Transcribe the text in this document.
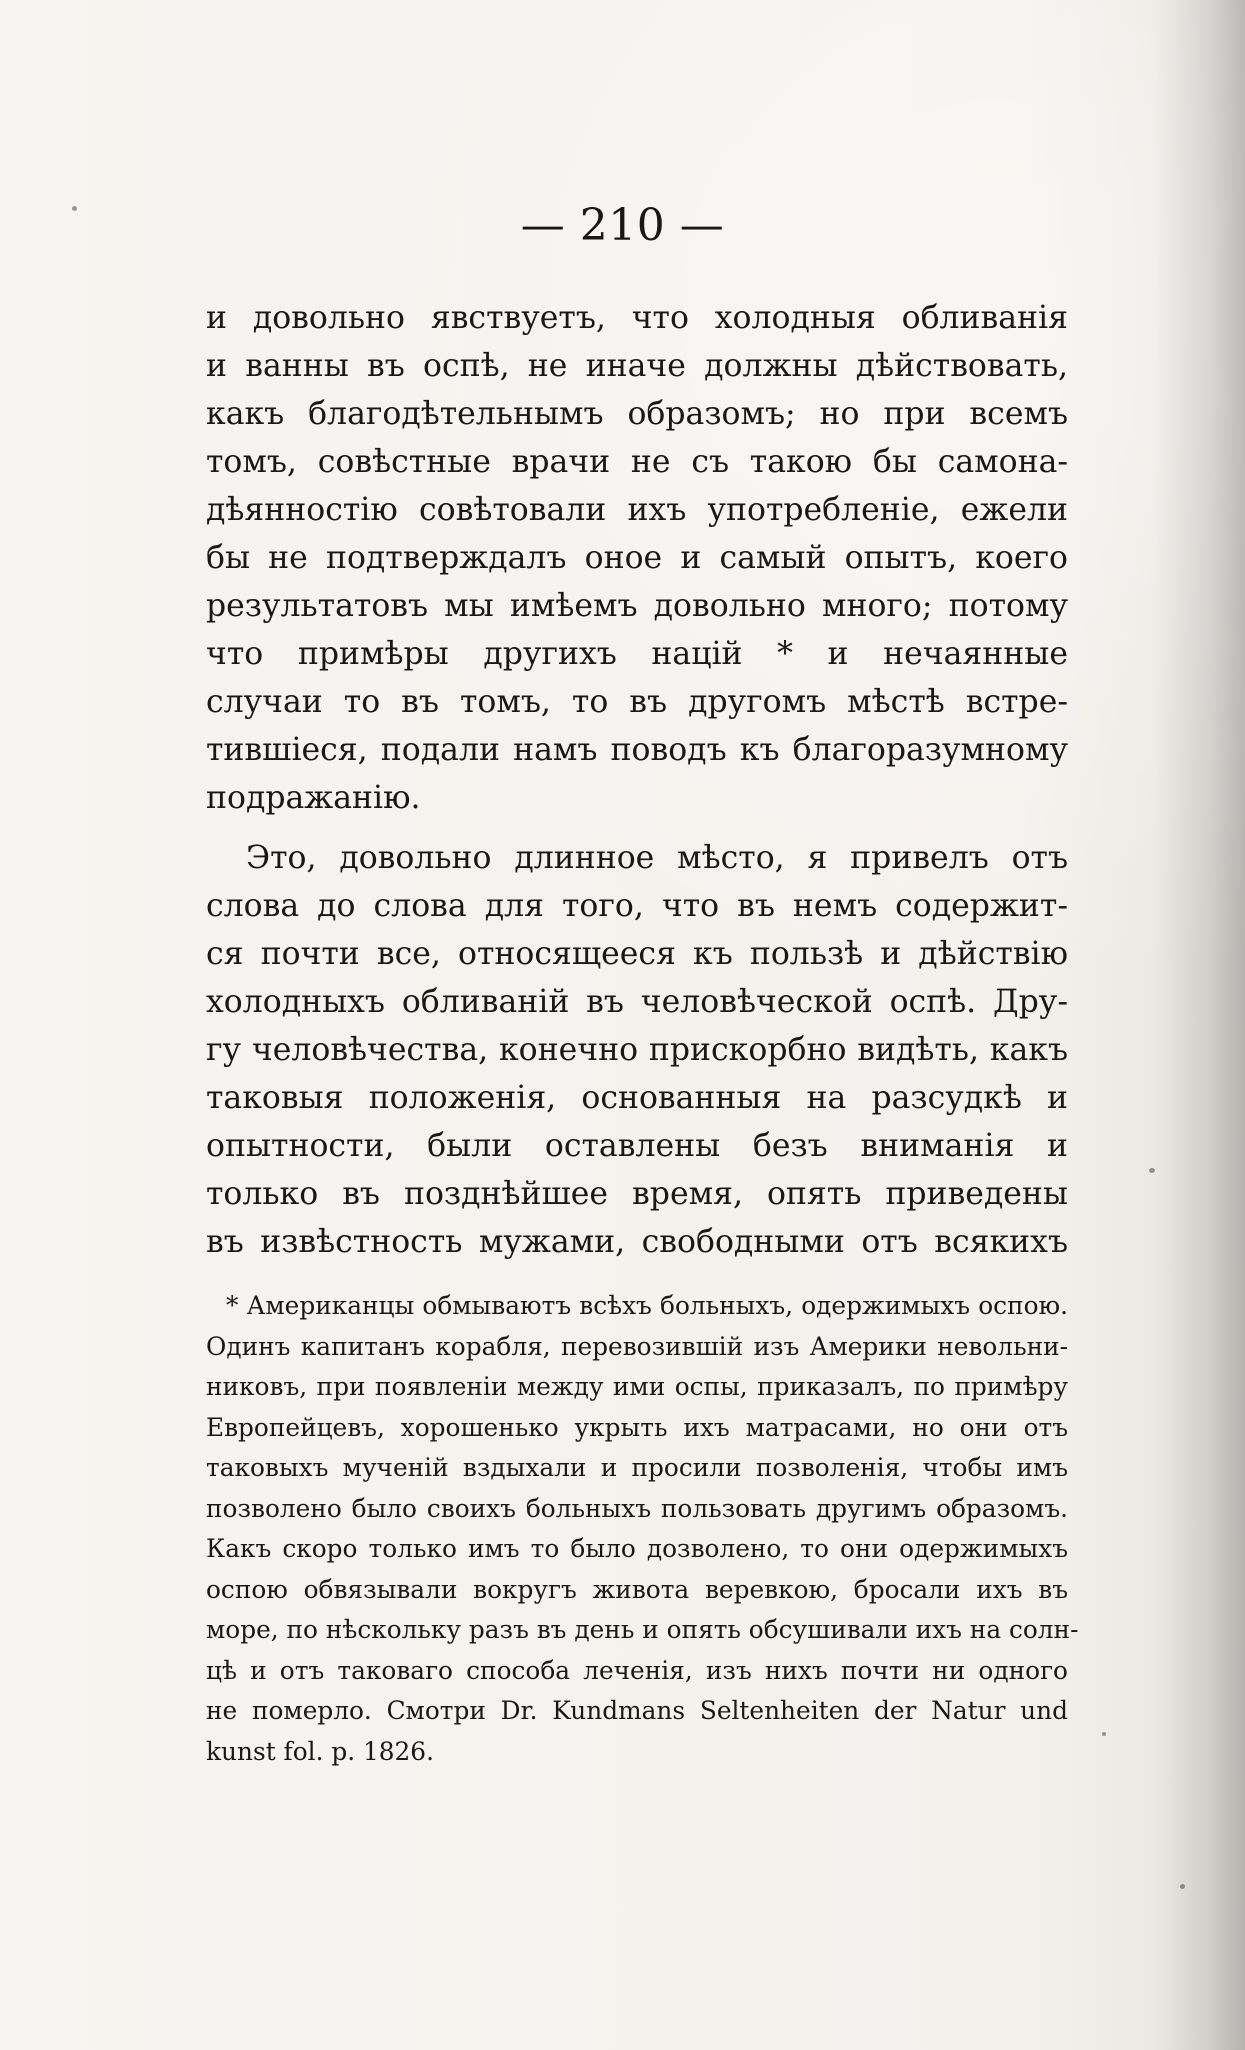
— 210 —
и довольно явствуетъ, что холодныя обливанія
и ванны въ оспѣ, не иначе должны дѣйствовать,
какъ благодѣтельнымъ образомъ; но при всемъ
томъ, совѣстные врачи не съ такою бы самона-
дѣянностію совѣтовали ихъ употребленіе, ежели
бы не подтверждалъ оное и самый опытъ, коего
результатовъ мы имѣемъ довольно много; потому
что примѣры другихъ націй * и нечаянные
случаи то въ томъ, то въ другомъ мѣстѣ встре-
тившіеся, подали намъ поводъ къ благоразумному
подражанію.
Это, довольно длинное мѣсто, я привелъ отъ
слова до слова для того, что въ немъ содержит-
ся почти все, относящееся къ пользѣ и дѣйствію
холодныхъ обливаній въ человѣческой оспѣ. Дру-
гу человѣчества, конечно прискорбно видѣть, какъ
таковыя положенія, основанныя на разсудкѣ и
опытности, были оставлены безъ вниманія и
только въ позднѣйшее время, опять приведены
въ извѣстность мужами, свободными отъ всякихъ
* Американцы обмываютъ всѣхъ больныхъ, одержимыхъ оспою.
Одинъ капитанъ корабля, перевозившій изъ Америки невольни-
никовъ, при появленіи между ими оспы, приказалъ, по примѣру
Европейцевъ, хорошенько укрыть ихъ матрасами, но они отъ
таковыхъ мученій вздыхали и просили позволенія, чтобы имъ
позволено было своихъ больныхъ пользовать другимъ образомъ.
Какъ скоро только имъ то было дозволено, то они одержимыхъ
оспою обвязывали вокругъ живота веревкою, бросали ихъ въ
море, по нѣскольку разъ въ день и опять обсушивали ихъ на солн-
цѣ и отъ таковаго способа леченія, изъ нихъ почти ни одного
не померло. Смотри Dr. Kundmans Seltenheiten der Natur und
kunst fol. p. 1826.
